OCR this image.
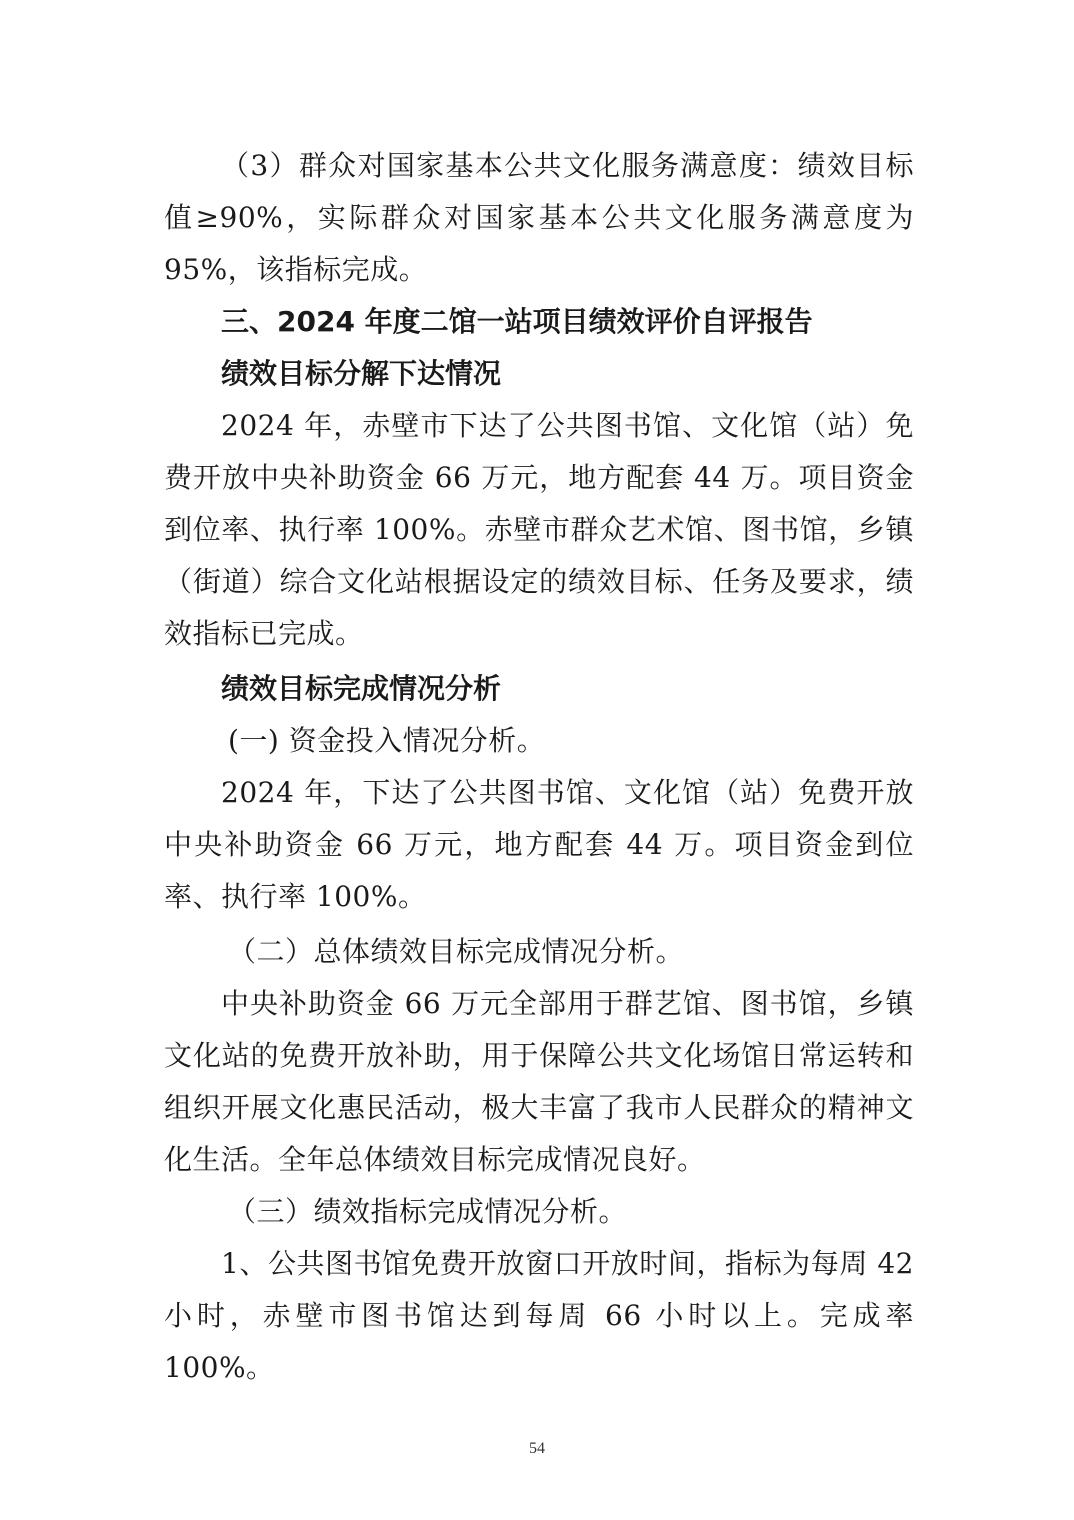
（3）群众对国家基本公共文化服务满意度：绩效目标值≥90%，实际群众对国家基本公共文化服务满意度为 95%，该指标完成。

三、2024 年度二馆一站项目绩效评价自评报告

绩效目标分解下达情况

2024 年，赤壁市下达了公共图书馆、文化馆（站）免费开放中央补助资金 66 万元，地方配套 44 万。项目资金到位率、执行率 100%。赤壁市群众艺术馆、图书馆，乡镇（街道）综合文化站根据设定的绩效目标、任务及要求，绩效指标已完成。

绩效目标完成情况分析

(一) 资金投入情况分析。

2024 年，下达了公共图书馆、文化馆（站）免费开放中央补助资金 66 万元，地方配套 44 万。项目资金到位率、执行率 100%。

（二）总体绩效目标完成情况分析。

中央补助资金 66 万元全部用于群艺馆、图书馆，乡镇文化站的免费开放补助，用于保障公共文化场馆日常运转和组织开展文化惠民活动，极大丰富了我市人民群众的精神文化生活。全年总体绩效目标完成情况良好。

（三）绩效指标完成情况分析。

1、公共图书馆免费开放窗口开放时间，指标为每周 42 小时，赤壁市图书馆达到每周 66 小时以上。完成率 100%。

54
